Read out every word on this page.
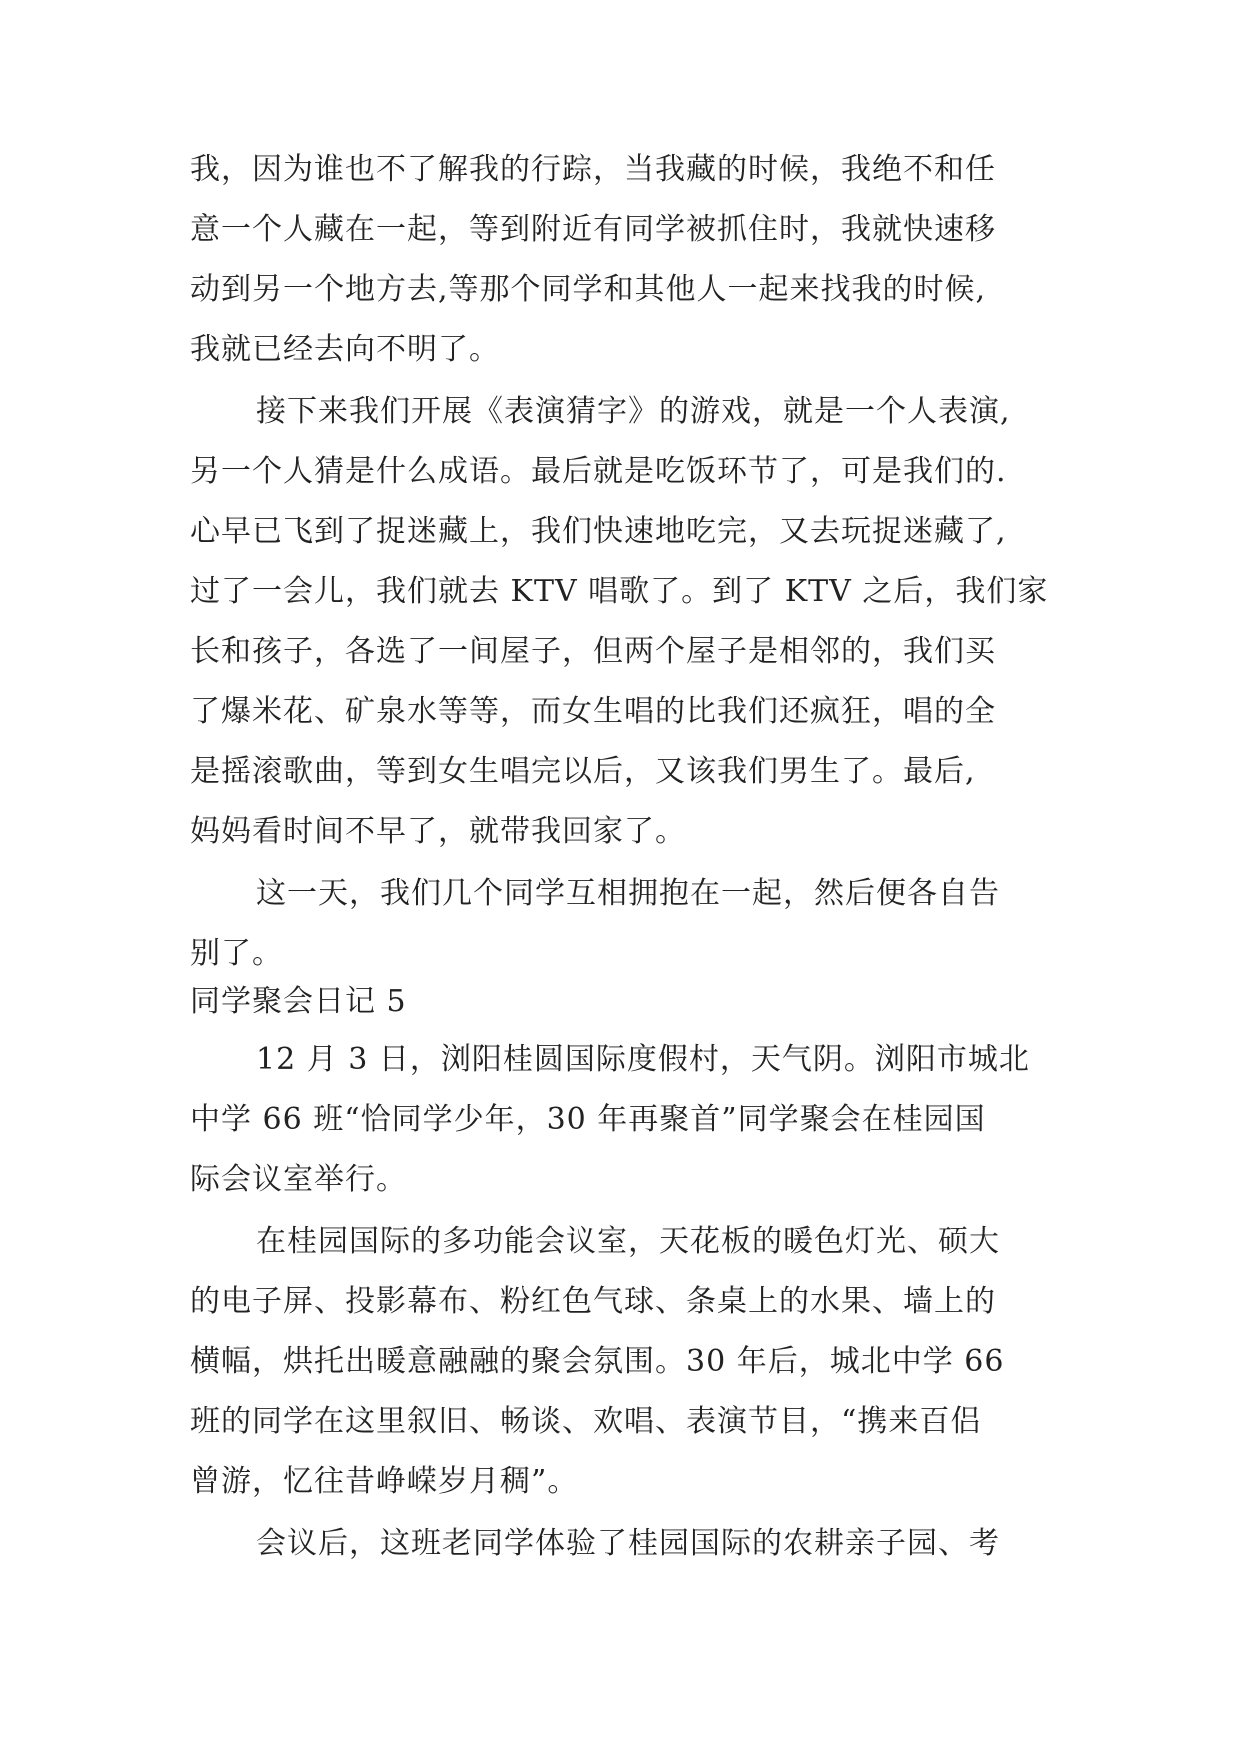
我，因为谁也不了解我的行踪，当我藏的时候，我绝不和任
意一个人藏在一起，等到附近有同学被抓住时，我就快速移
动到另一个地方去,等那个同学和其他人一起来找我的时候,
我就已经去向不明了。
接下来我们开展《表演猜字》的游戏，就是一个人表演,
另一个人猜是什么成语。最后就是吃饭环节了，可是我们的.
心早已飞到了捉迷藏上，我们快速地吃完，又去玩捉迷藏了,
过了一会儿，我们就去 KTV 唱歌了。到了 KTV 之后，我们家
长和孩子，各选了一间屋子，但两个屋子是相邻的，我们买
了爆米花、矿泉水等等，而女生唱的比我们还疯狂，唱的全
是摇滚歌曲，等到女生唱完以后，又该我们男生了。最后,
妈妈看时间不早了，就带我回家了。
这一天，我们几个同学互相拥抱在一起，然后便各自告
别了。
同学聚会日记 5
12 月 3 日，浏阳桂圆国际度假村，天气阴。浏阳市城北
中学 66 班“恰同学少年，30 年再聚首”同学聚会在桂园国
际会议室举行。
在桂园国际的多功能会议室，天花板的暖色灯光、硕大
的电子屏、投影幕布、粉红色气球、条桌上的水果、墙上的
横幅，烘托出暖意融融的聚会氛围。30 年后，城北中学 66
班的同学在这里叙旧、畅谈、欢唱、表演节目，“携来百侣
曾游，忆往昔峥嵘岁月稠”。
会议后，这班老同学体验了桂园国际的农耕亲子园、考
